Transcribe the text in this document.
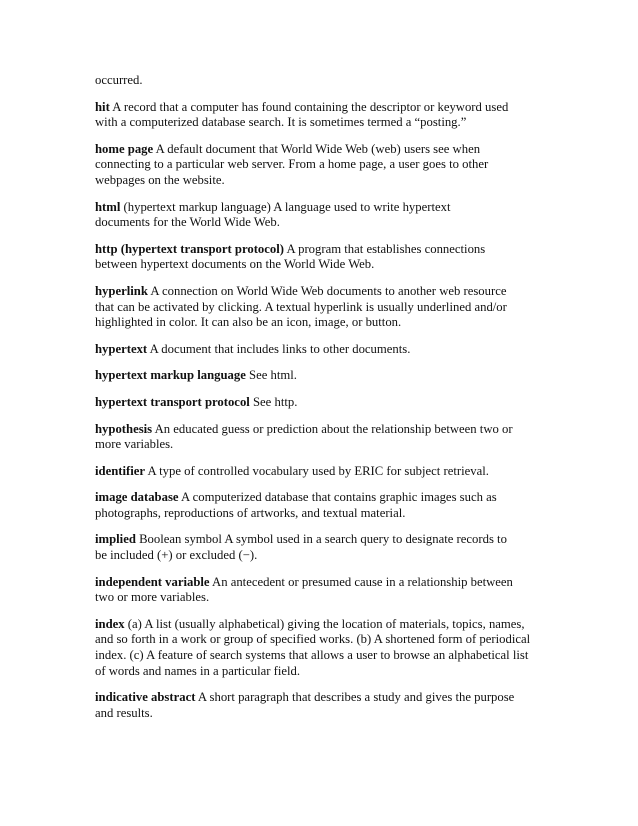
occurred.

hit A record that a computer has found containing the descriptor or keyword used
with a computerized database search. It is sometimes termed a “posting.”

home page A default document that World Wide Web (web) users see when
connecting to a particular web server. From a home page, a user goes to other
webpages on the website.

html (hypertext markup language) A language used to write hypertext
documents for the World Wide Web.

http (hypertext transport protocol) A program that establishes connections
between hypertext documents on the World Wide Web.

hyperlink A connection on World Wide Web documents to another web resource
that can be activated by clicking. A textual hyperlink is usually underlined and/or
highlighted in color. It can also be an icon, image, or button.

hypertext A document that includes links to other documents.

hypertext markup language See html.

hypertext transport protocol See http.

hypothesis An educated guess or prediction about the relationship between two or
more variables.

identifier A type of controlled vocabulary used by ERIC for subject retrieval.

image database A computerized database that contains graphic images such as
photographs, reproductions of artworks, and textual material.

implied Boolean symbol A symbol used in a search query to designate records to
be included (+) or excluded (−).

independent variable An antecedent or presumed cause in a relationship between
two or more variables.

index (a) A list (usually alphabetical) giving the location of materials, topics, names,
and so forth in a work or group of specified works. (b) A shortened form of periodical
index. (c) A feature of search systems that allows a user to browse an alphabetical list
of words and names in a particular field.

indicative abstract A short paragraph that describes a study and gives the purpose
and results.
